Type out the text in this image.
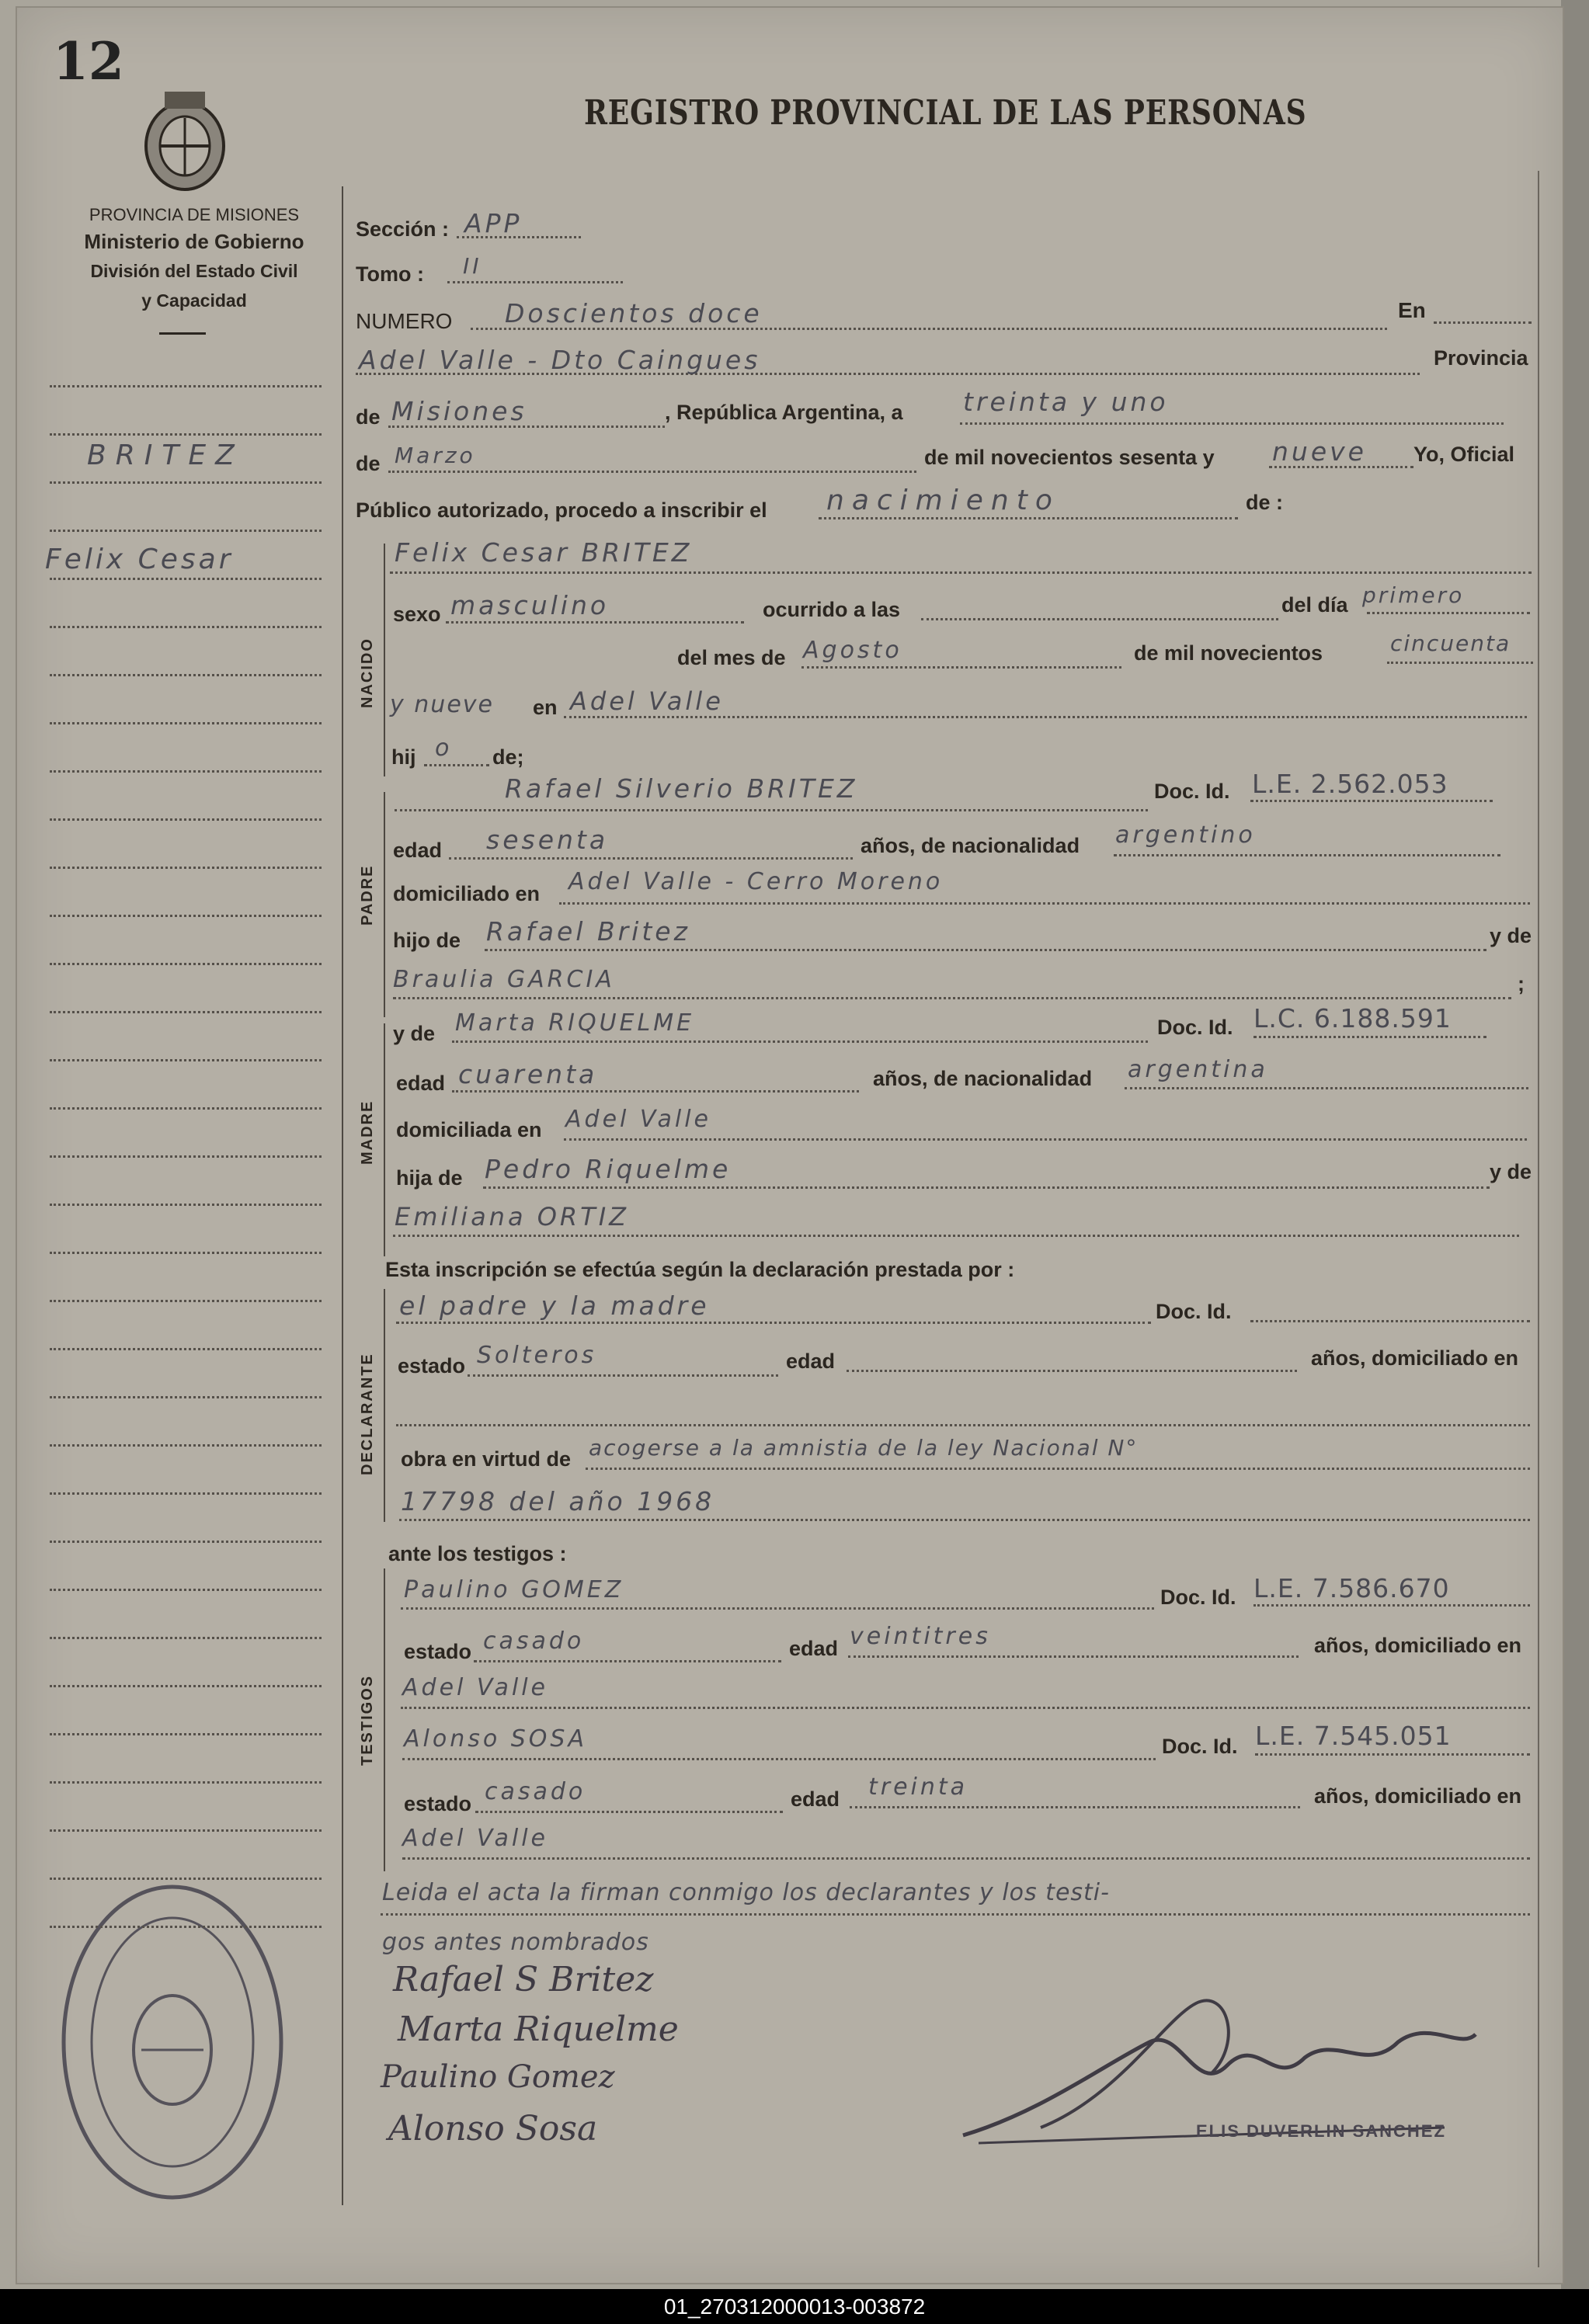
12
PROVINCIA DE MISIONES
Ministerio de Gobierno
División del Estado Civil
y Capacidad
REGISTRO PROVINCIAL DE LAS PERSONAS
BRITEZ
Felix Cesar
NACIDO
PADRE
MADRE
DECLARANTE
TESTIGOS
Sección : APP
Tomo : II
NUMERO Doscientos doce	En
Adel Valle - Dto Caingues	Provincia
de Misiones	, República Argentina, a treinta y uno
de Marzo	de mil novecientos sesenta y nueve Yo, Oficial
Público autorizado, procedo a inscribir el nacimiento	de :
Felix Cesar BRITEZ
sexo masculino	ocurrido a las	del día primero
del mes de Agosto	de mil novecientos	cincuenta
y nueve en Adel Valle
hij o de;
Rafael Silverio BRITEZ	Doc. Id. L.E. 2.562.053
edad sesenta	años, de nacionalidad argentino
domiciliado en Adel Valle - Cerro Moreno
hijo de Rafael Britez	y de
Braulia GARCIA	;
y de Marta RIQUELME	Doc. Id. L.C. 6.188.591
edad cuarenta	años, de nacionalidad argentina
domiciliada en Adel Valle
hija de Pedro Riquelme	y de
Emiliana ORTIZ
Esta inscripción se efectúa según la declaración prestada por :
el padre y la madre	Doc. Id.
estado Solteros	edad	años, domiciliado en
obra en virtud de acogerse a la amnistia de la ley Nacional N°
17798 del año 1968
ante los testigos :
Paulino GOMEZ	Doc. Id. L.E. 7.586.670
estado casado	edad veintitres	años, domiciliado en
Adel Valle
Alonso SOSA	Doc. Id. L.E. 7.545.051
estado casado	edad treinta	años, domiciliado en
Adel Valle
Leida el acta la firman conmigo los declarantes y los testi-
gos antes nombrados
Rafael S Britez
Marta Riquelme
Paulino Gomez
Alonso Sosa	ELIS DUVERLIN SANCHEZ
01_270312000013-003872
